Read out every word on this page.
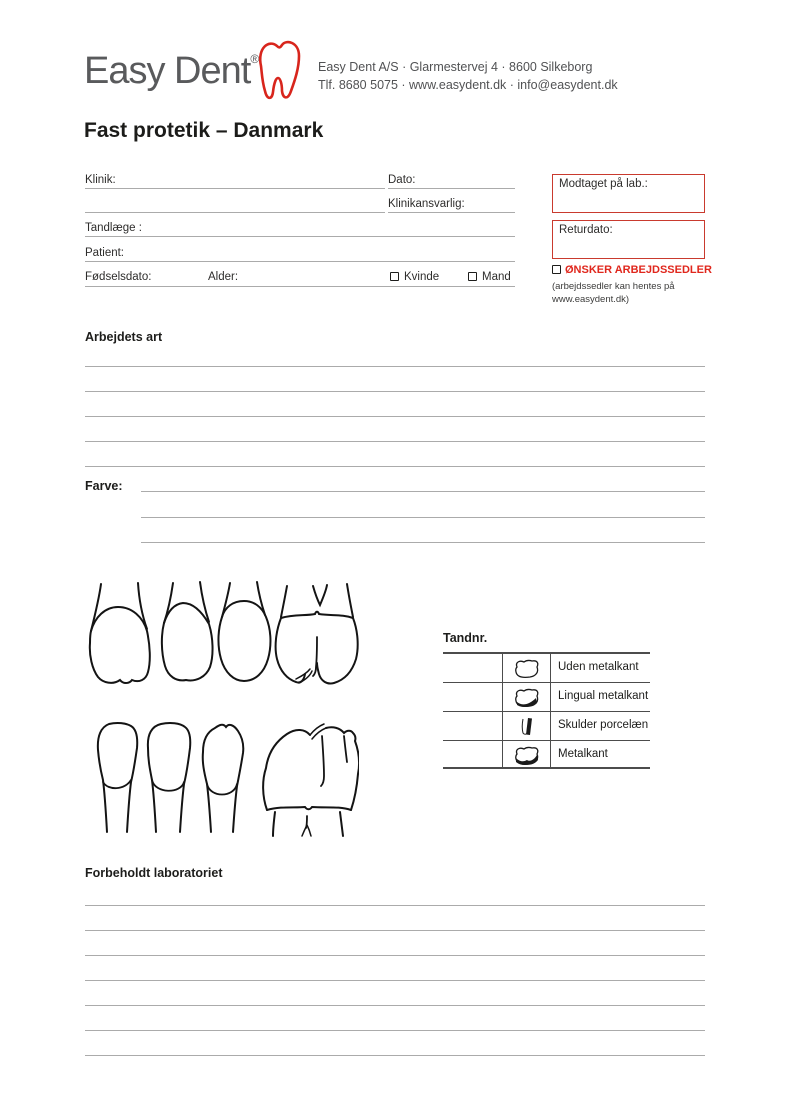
Easy Dent®
Easy Dent A/S · Glarmestervej 4 · 8600 Silkeborg
Tlf. 8680 5075 · www.easydent.dk · info@easydent.dk
Fast protetik – Danmark
Klinik:	Dato:
Klinikansvarlig:
Tandlæge :
Patient:
Fødselsdato:	Alder:	Kvinde	Mand
Modtaget på lab.:
Returdato:
ØNSKER ARBEJDSSEDLER
(arbejdssedler kan hentes på
www.easydent.dk)
Arbejdets art
Farve:
Tandnr.
Uden metalkant
Lingual metalkant
Skulder porcelæn
Metalkant
Forbeholdt laboratoriet
